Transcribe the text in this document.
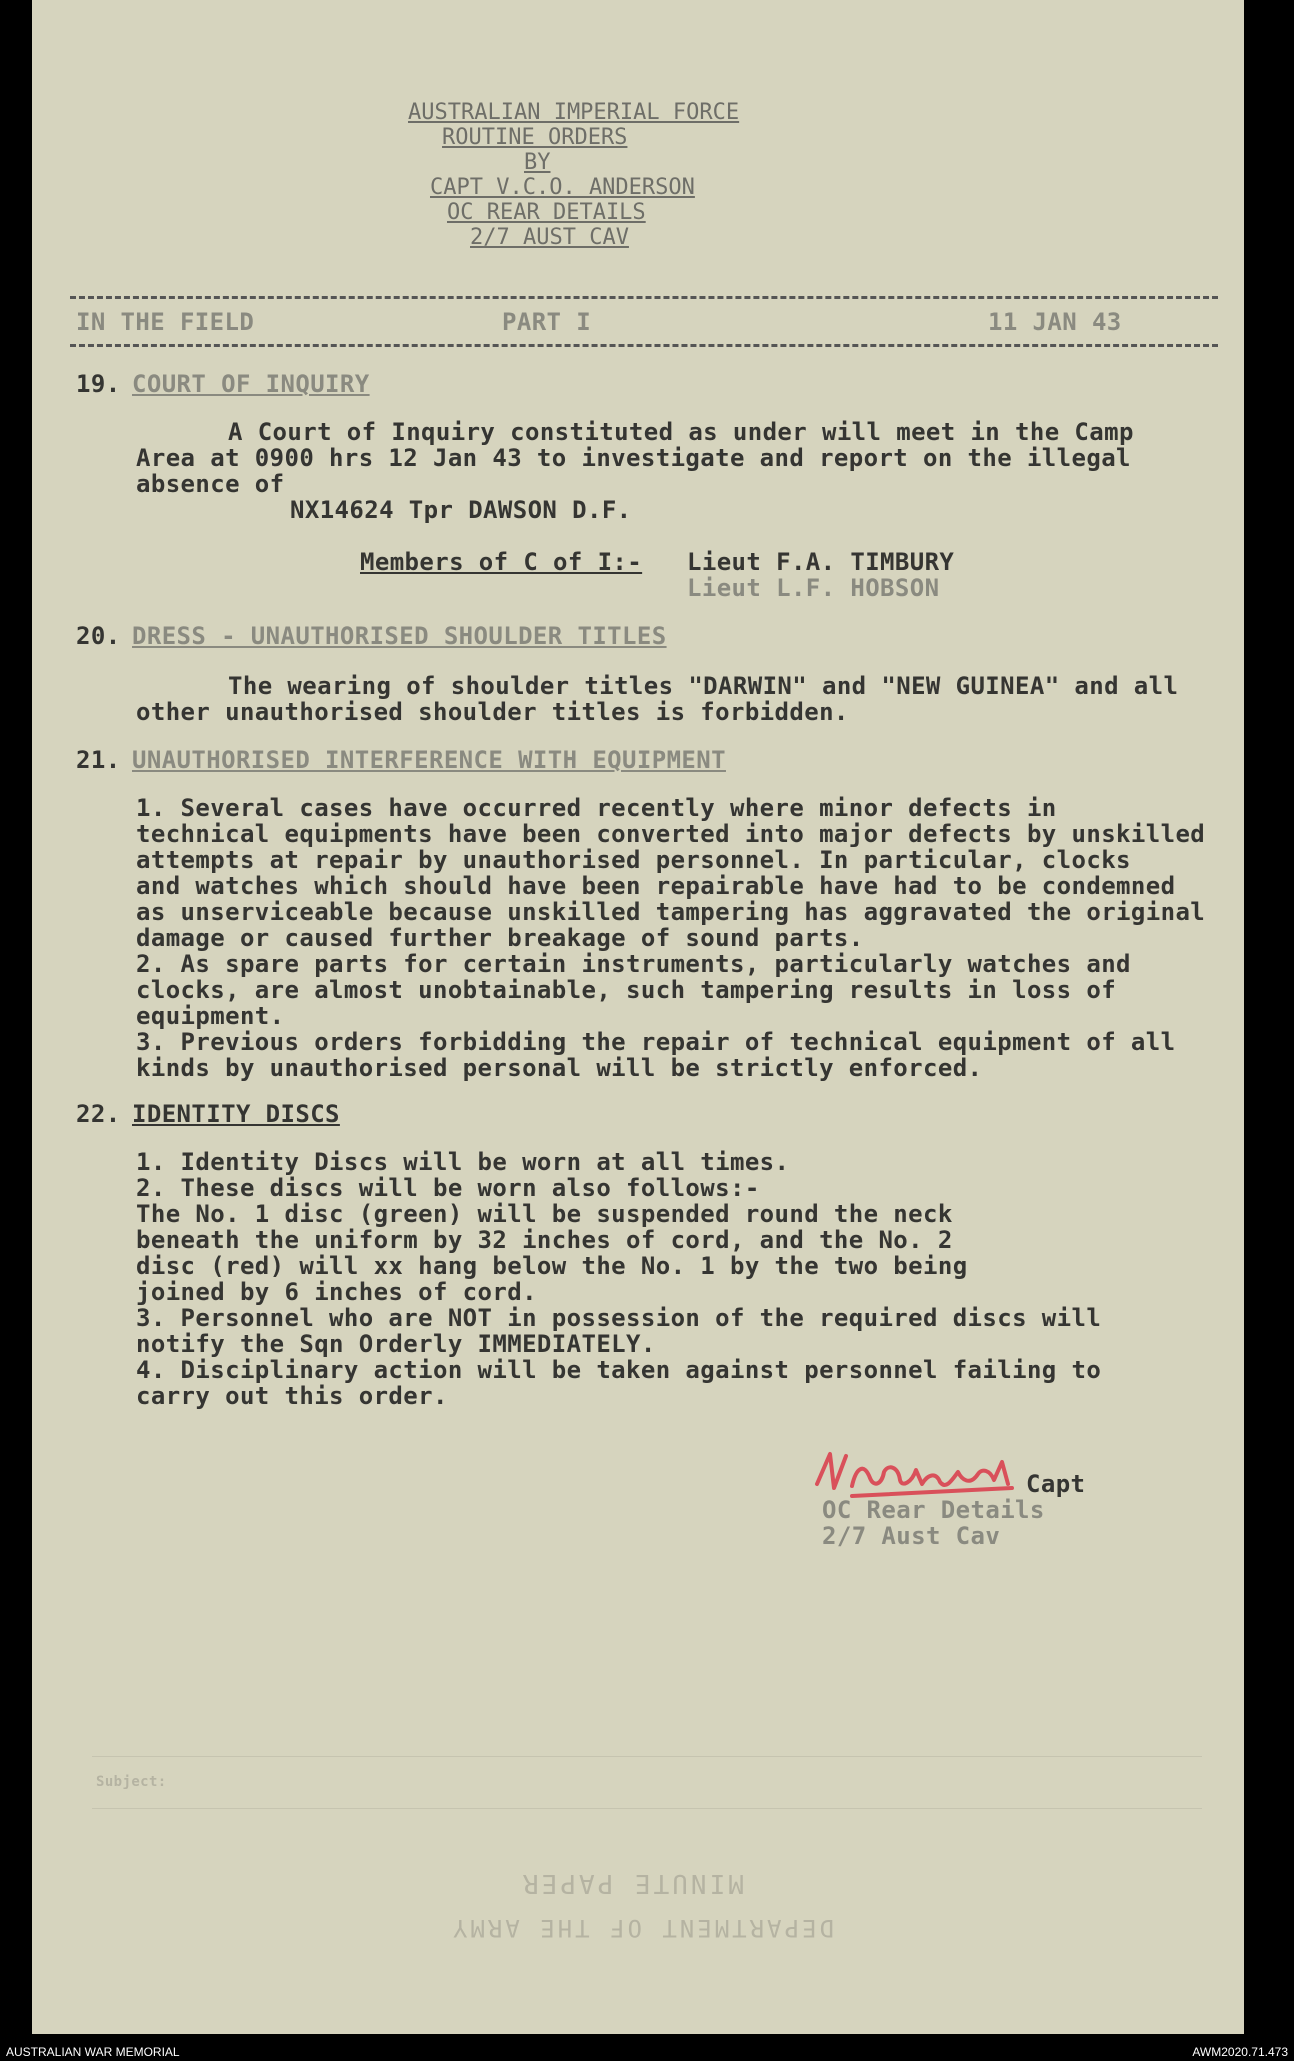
AUSTRALIAN IMPERIAL FORCE
ROUTINE ORDERS
BY
CAPT V.C.O. ANDERSON
OC REAR DETAILS
2/7 AUST CAV
IN THE FIELD	PART I	11 JAN 43
19. COURT OF INQUIRY
A Court of Inquiry constituted as under will meet in the Camp
Area at 0900 hrs 12 Jan 43 to investigate and report on the illegal
absence of
NX14624 Tpr DAWSON D.F.
Members of C of I:- Lieut F.A. TIMBURY
Lieut L.F. HOBSON
20. DRESS - UNAUTHORISED SHOULDER TITLES
The wearing of shoulder titles "DARWIN" and "NEW GUINEA" and all
other unauthorised shoulder titles is forbidden.
21. UNAUTHORISED INTERFERENCE WITH EQUIPMENT
1. Several cases have occurred recently where minor defects in
technical equipments have been converted into major defects by unskilled
attempts at repair by unauthorised personnel. In particular, clocks
and watches which should have been repairable have had to be condemned
as unserviceable because unskilled tampering has aggravated the original
damage or caused further breakage of sound parts.
2. As spare parts for certain instruments, particularly watches and
clocks, are almost unobtainable, such tampering results in loss of
equipment.
3. Previous orders forbidding the repair of technical equipment of all
kinds by unauthorised personal will be strictly enforced.
22. IDENTITY DISCS
1. Identity Discs will be worn at all times.
2. These discs will be worn also follows:-
The No. 1 disc (green) will be suspended round the neck
beneath the uniform by 32 inches of cord, and the No. 2
disc (red) will xx hang below the No. 1 by the two being
joined by 6 inches of cord.
3. Personnel who are NOT in possession of the required discs will
notify the Sqn Orderly IMMEDIATELY.
4. Disciplinary action will be taken against personnel failing to
carry out this order.
Capt
OC Rear Details
2/7 Aust Cav
Subject:
MINUTE PAPER
DEPARTMENT OF THE ARMY
AUSTRALIAN WAR MEMORIAL	AWM2020.71.473
